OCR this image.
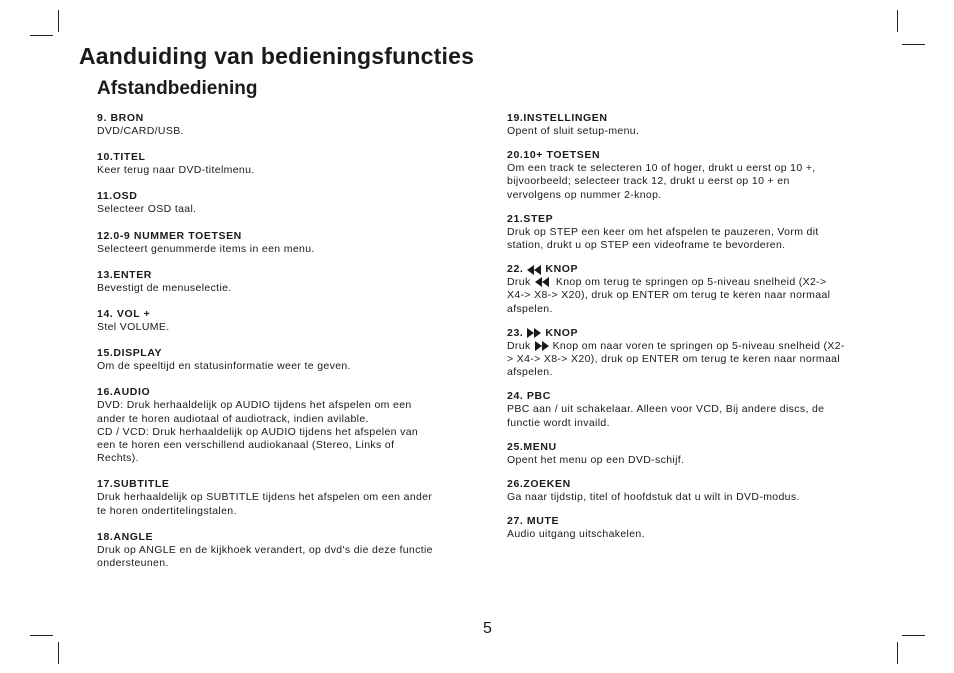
Aanduiding van bedieningsfuncties
Afstandbediening
9. BRON
DVD/CARD/USB.
10.TITEL
Keer terug naar DVD-titelmenu.
11.OSD
Selecteer OSD taal.
12.0-9 NUMMER TOETSEN
Selecteert genummerde items in een menu.
13.ENTER
Bevestigt de menuselectie.
14. VOL +
Stel VOLUME.
15.DISPLAY
Om de speeltijd en statusinformatie weer te geven.
16.AUDIO
DVD: Druk herhaaldelijk op AUDIO tijdens het afspelen om een
ander te horen audiotaal of audiotrack, indien avilable.
CD / VCD: Druk herhaaldelijk op AUDIO tijdens het afspelen van
een te horen een verschillend audiokanaal (Stereo, Links of
Rechts).
17.SUBTITLE
Druk herhaaldelijk op SUBTITLE tijdens het afspelen om een ander
te horen ondertitelingstalen.
18.ANGLE
Druk op ANGLE en de kijkhoek verandert, op dvd's die deze functie
ondersteunen.
19.INSTELLINGEN
Opent of sluit setup-menu.
20.10+ TOETSEN
Om een track te selecteren 10 of hoger, drukt u eerst op 10 +,
bijvoorbeeld; selecteer track 12, drukt u eerst op 10 + en
vervolgens op nummer 2-knop.
21.STEP
Druk op STEP een keer om het afspelen te pauzeren, Vorm dit
station, drukt u op STEP een videoframe te bevorderen.
22. KNOP
Druk
Knop om terug te springen op 5-niveau snelheid (X2->
X4-> X8-> X20), druk op ENTER om terug te keren naar normaal
afspelen.
23. KNOP
Druk Knop om naar voren te springen op 5-niveau snelheid (X2-
> X4-> X8-> X20), druk op ENTER om terug te keren naar normaal
afspelen.
24. PBC
PBC aan / uit schakelaar. Alleen voor VCD, Bij andere discs, de
functie wordt invaild.
25.MENU
Opent het menu op een DVD-schijf.
26.ZOEKEN
Ga naar tijdstip, titel of hoofdstuk dat u wilt in DVD-modus.
27. MUTE
Audio uitgang uitschakelen.
5
